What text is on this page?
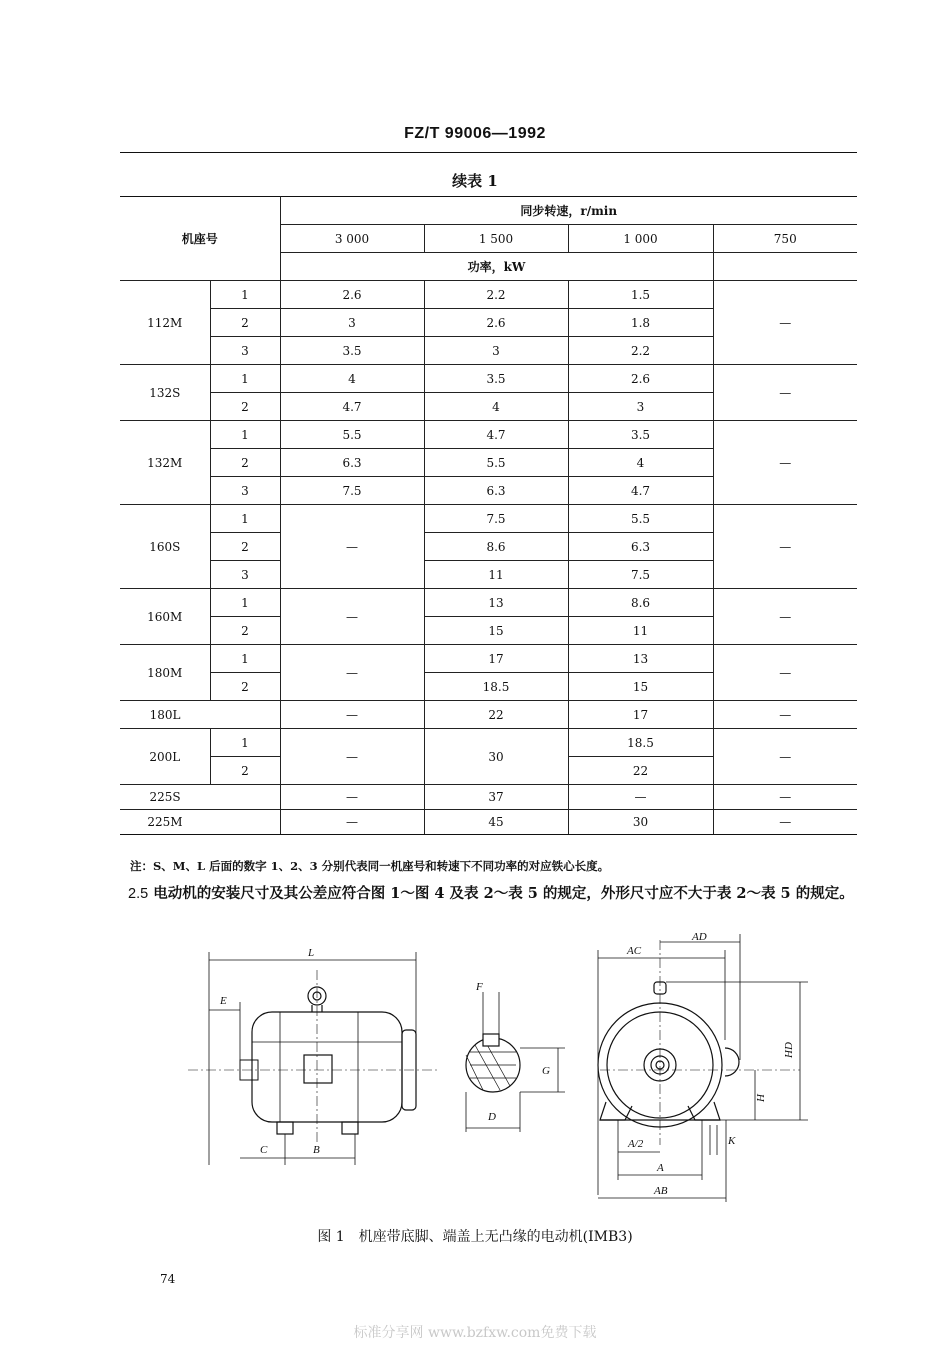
FZ/T 99006—1992
续表 1
机座号		同步转速，r/min			
		3 000	1 500	1 000	750
		功率，kW			
112M	1	2.6	2.2	1.5	—
	2	3	2.6	1.8	
	3	3.5	3	2.2	
132S	1	4	3.5	2.6	—
	2	4.7	4	3	
132M	1	5.5	4.7	3.5	—
	2	6.3	5.5	4	
	3	7.5	6.3	4.7	
160S	1	—	7.5	5.5	—
	2		8.6	6.3	
	3		11	7.5	
160M	1	—	13	8.6	—
	2		15	11	
180M	1	—	17	13	—
	2		18.5	15	
180L		—	22	17	—
200L	1	—	30	18.5	—
	2			22	
225S		—	37	—	—
225M		—	45	30	—
注：S、M、L 后面的数字 1、2、3 分别代表同一机座号和转速下不同功率的对应铁心长度。
2.5 电动机的安装尺寸及其公差应符合图 1～图 4 及表 2～表 5 的规定，外形尺寸应不大于表 2～表 5 的规定。
L
E
C	B
F
G
D
AC
AD
HD
H
A/2
A
K
AB
图 1　机座带底脚、端盖上无凸缘的电动机(IMB3)
74
标准分享网 www.bzfxw.com免费下载
